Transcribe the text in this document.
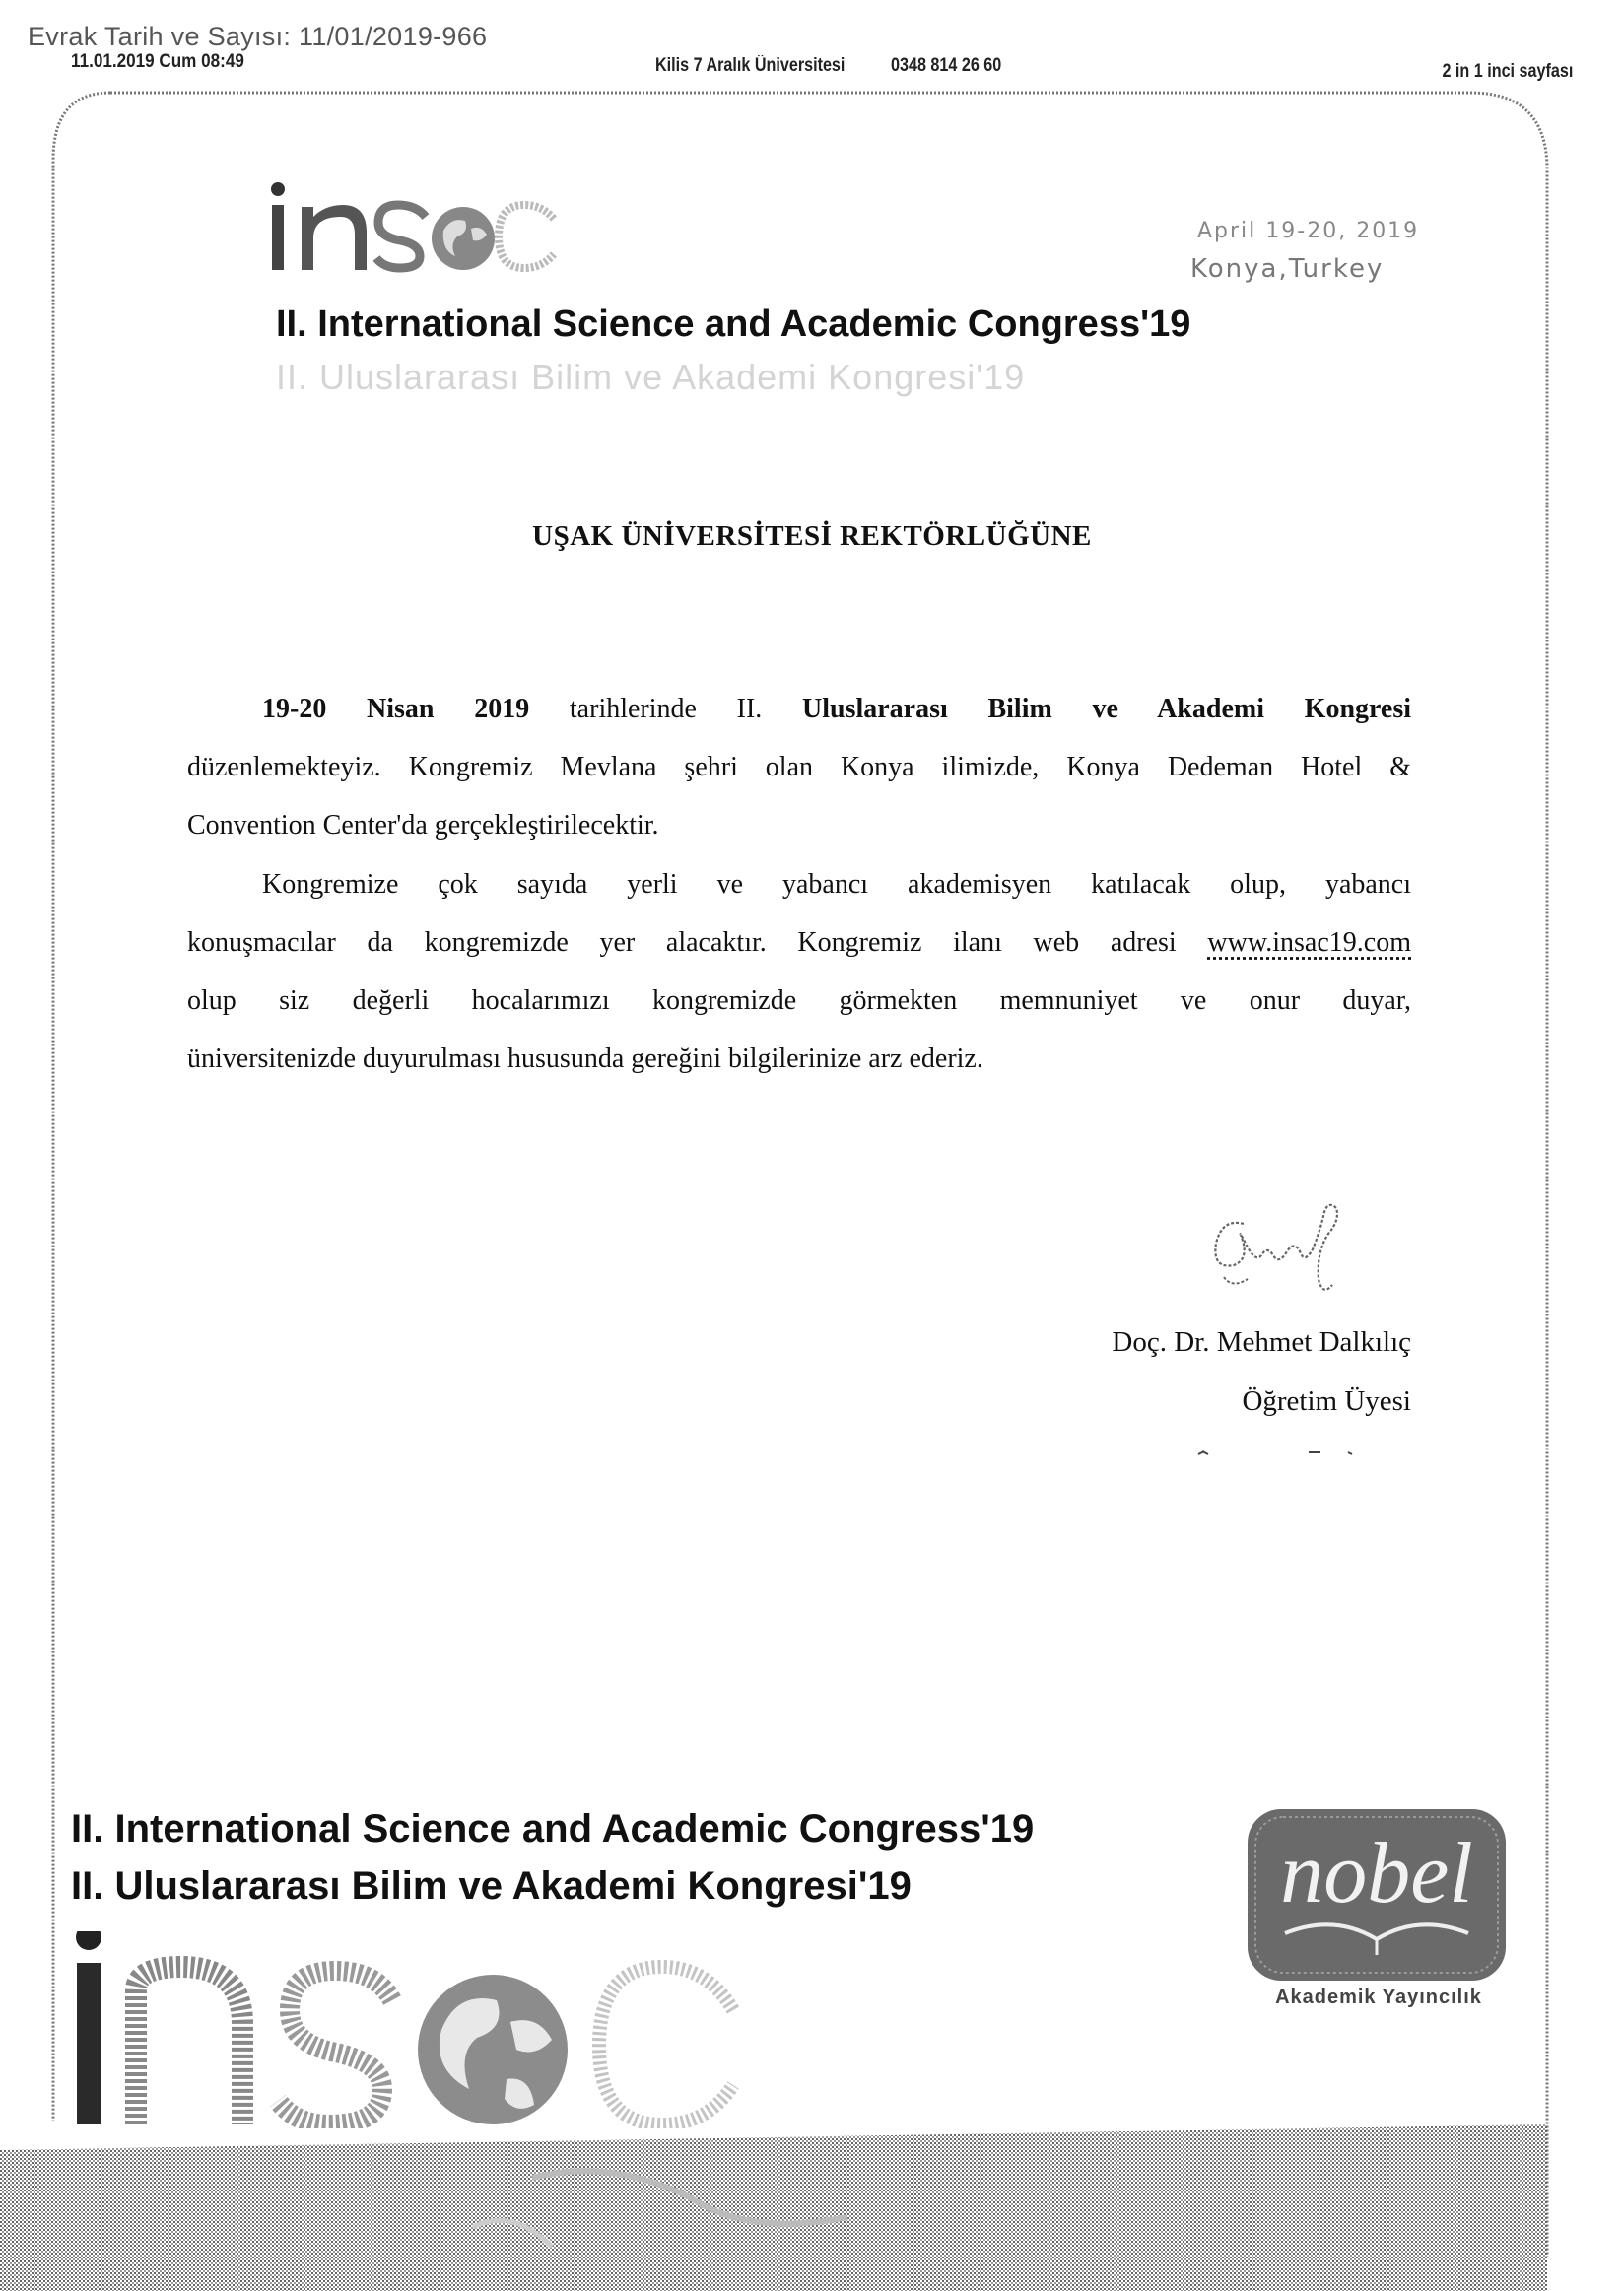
Evrak Tarih ve Sayısı: 11/01/2019-966
11.01.2019 Cum 08:49	Kilis 7 Aralık Üniversitesi 0348 814 26 60	2 in 1 inci sayfası
April 19-20, 2019
Konya,Turkey
II. International Science and Academic Congress'19
II. Uluslararası Bilim ve Akademi Kongresi'19
UŞAK ÜNİVERSİTESİ REKTÖRLÜĞÜNE
19-20 Nisan 2019 tarihlerinde II. Uluslararası Bilim ve Akademi Kongresi
düzenlemekteyiz. Kongremiz Mevlana şehri olan Konya ilimizde, Konya Dedeman Hotel &
Convention Center'da gerçekleştirilecektir.
Kongremize çok sayıda yerli ve yabancı akademisyen katılacak olup, yabancı
konuşmacılar da kongremizde yer alacaktır. Kongremiz ilanı web adresi www.insac19.com
olup siz değerli hocalarımızı kongremizde görmekten memnuniyet ve onur duyar,
üniversitenizde duyurulması hususunda gereğini bilgilerinize arz ederiz.
Doç. Dr. Mehmet Dalkılıç
Öğretim Üyesi
II. International Science and Academic Congress'19
II. Uluslararası Bilim ve Akademi Kongresi'19	nobel
Akademik Yayıncılık
